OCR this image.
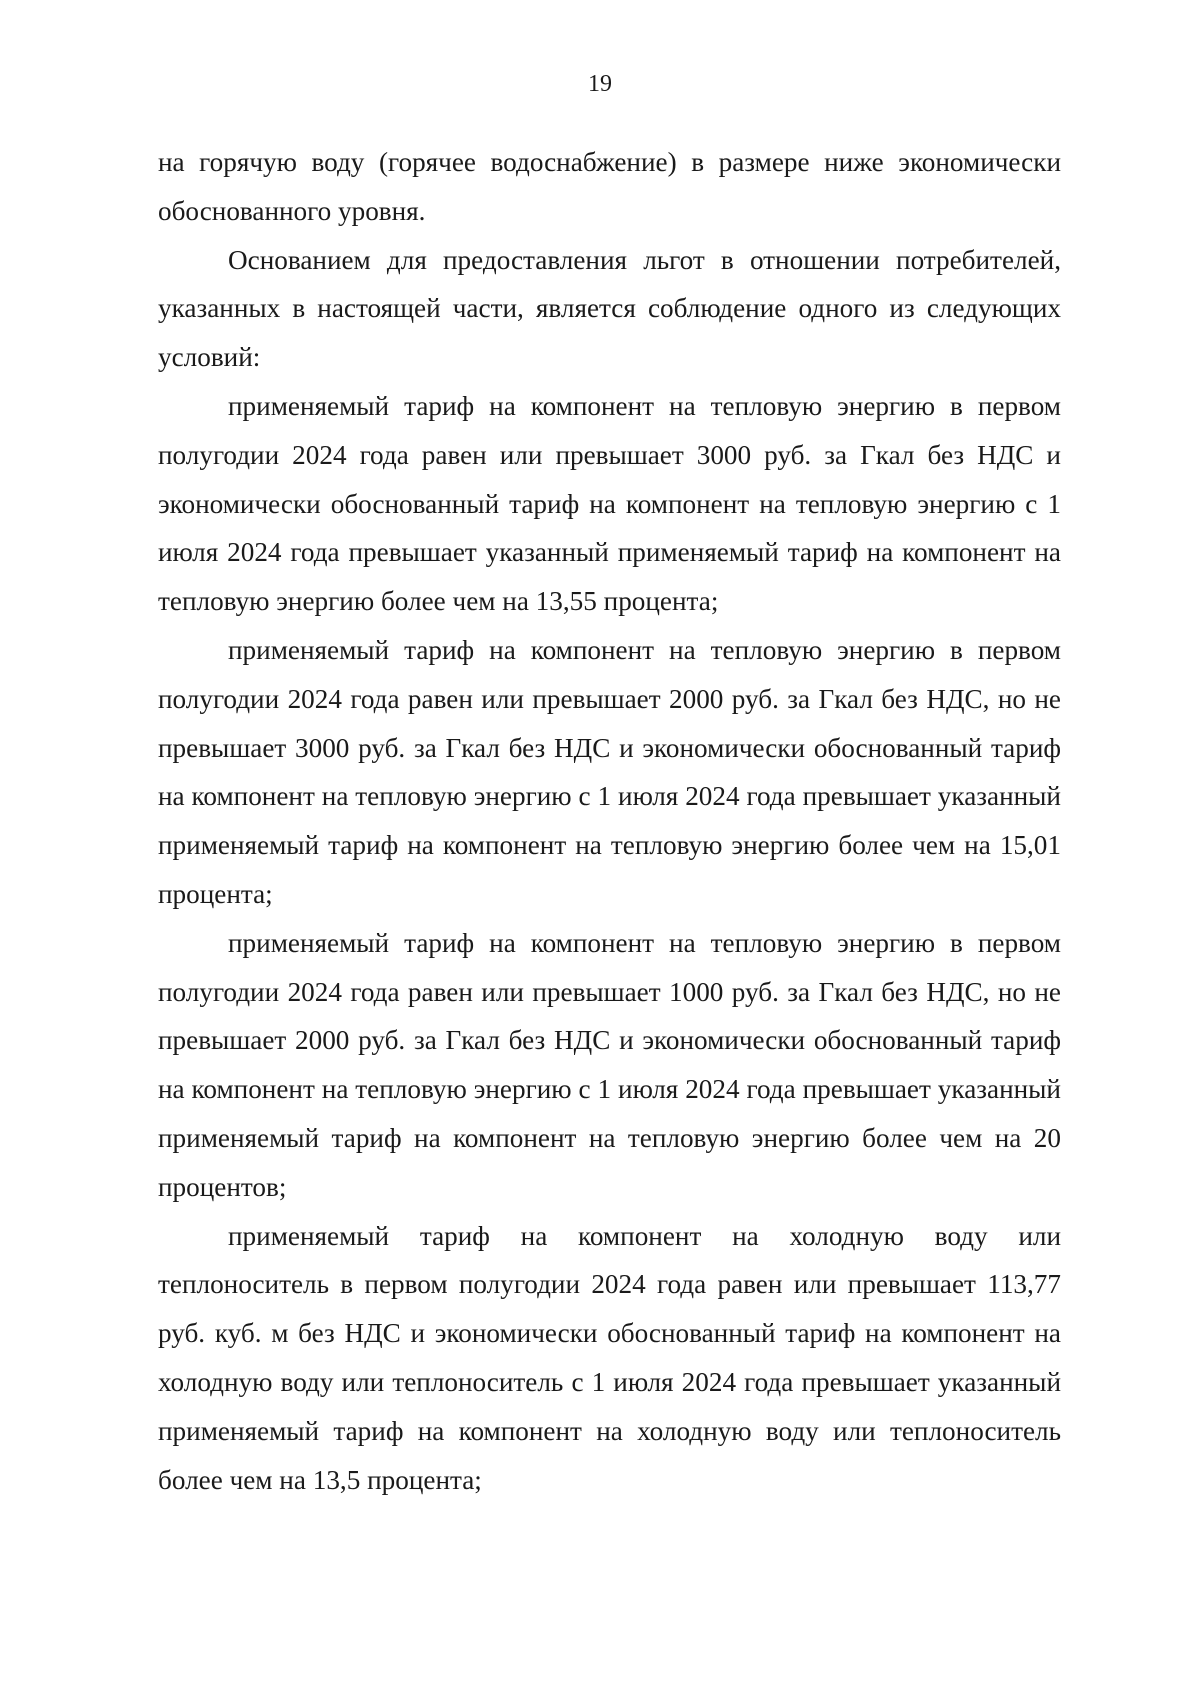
19

на горячую воду (горячее водоснабжение) в размере ниже экономически обоснованного уровня.

Основанием для предоставления льгот в отношении потребителей, указанных в настоящей части, является соблюдение одного из следующих условий:

применяемый тариф на компонент на тепловую энергию в первом полугодии 2024 года равен или превышает 3000 руб. за Гкал без НДС и экономически обоснованный тариф на компонент на тепловую энергию с 1 июля 2024 года превышает указанный применяемый тариф на компонент на тепловую энергию более чем на 13,55 процента;

применяемый тариф на компонент на тепловую энергию в первом полугодии 2024 года равен или превышает 2000 руб. за Гкал без НДС, но не превышает 3000 руб. за Гкал без НДС и экономически обоснованный тариф на компонент на тепловую энергию с 1 июля 2024 года превышает указанный применяемый тариф на компонент на тепловую энергию более чем на 15,01 процента;

применяемый тариф на компонент на тепловую энергию в первом полугодии 2024 года равен или превышает 1000 руб. за Гкал без НДС, но не превышает 2000 руб. за Гкал без НДС и экономически обоснованный тариф на компонент на тепловую энергию с 1 июля 2024 года превышает указанный применяемый тариф на компонент на тепловую энергию более чем на 20 процентов;

применяемый тариф на компонент на холодную воду или теплоноситель в первом полугодии 2024 года равен или превышает 113,77 руб. куб. м без НДС и экономически обоснованный тариф на компонент на холодную воду или теплоноситель с 1 июля 2024 года превышает указанный применяемый тариф на компонент на холодную воду или теплоноситель более чем на 13,5 процента;
